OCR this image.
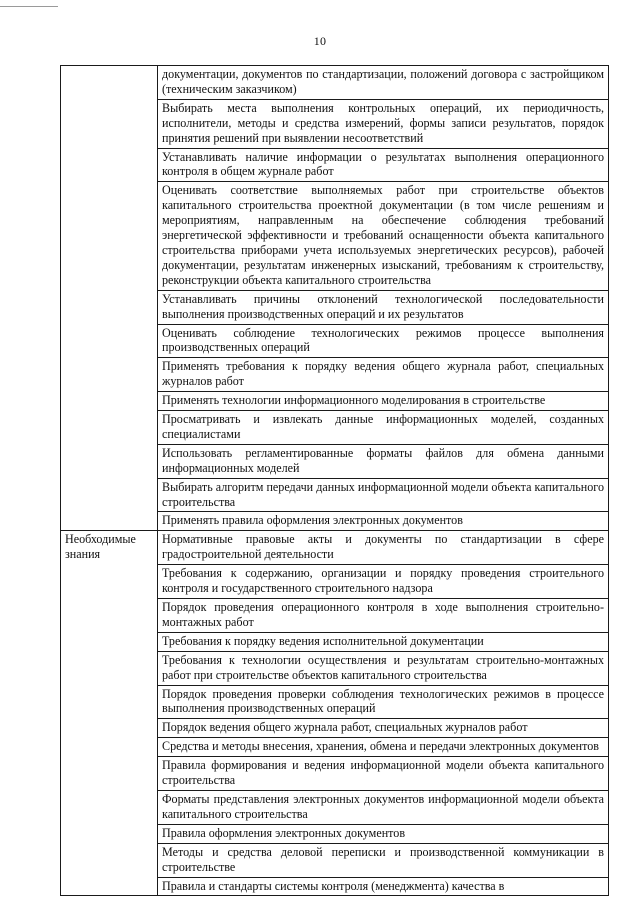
10
	документации, документов по стандартизации, положений договора с застройщиком (техническим заказчиком)
	Выбирать места выполнения контрольных операций, их периодичность, исполнители, методы и средства измерений, формы записи результатов, порядок принятия решений при выявлении несоответствий
	Устанавливать наличие информации о результатах выполнения операционного контроля в общем журнале работ
	Оценивать соответствие выполняемых работ при строительстве объектов капитального строительства проектной документации (в том числе решениям и мероприятиям, направленным на обеспечение соблюдения требований энергетической эффективности и требований оснащенности объекта капитального строительства приборами учета используемых энергетических ресурсов), рабочей документации, результатам инженерных изысканий, требованиям к строительству, реконструкции объекта капитального строительства
	Устанавливать причины отклонений технологической последовательности выполнения производственных операций и их результатов
	Оценивать соблюдение технологических режимов процессе выполнения производственных операций
	Применять требования к порядку ведения общего журнала работ, специальных журналов работ
	Применять технологии информационного моделирования в строительстве
	Просматривать и извлекать данные информационных моделей, созданных специалистами
	Использовать регламентированные форматы файлов для обмена данными информационных моделей
	Выбирать алгоритм передачи данных информационной модели объекта капитального строительства
	Применять правила оформления электронных документов
Необходимые знания	Нормативные правовые акты и документы по стандартизации в сфере градостроительной деятельности
	Требования к содержанию, организации и порядку проведения строительного контроля и государственного строительного надзора
	Порядок проведения операционного контроля в ходе выполнения строительно-монтажных работ
	Требования к порядку ведения исполнительной документации
	Требования к технологии осуществления и результатам строительно-монтажных работ при строительстве объектов капитального строительства
	Порядок проведения проверки соблюдения технологических режимов в процессе выполнения производственных операций
	Порядок ведения общего журнала работ, специальных журналов работ
	Средства и методы внесения, хранения, обмена и передачи электронных документов
	Правила формирования и ведения информационной модели объекта капитального строительства
	Форматы представления электронных документов информационной модели объекта капитального строительства
	Правила оформления электронных документов
	Методы и средства деловой переписки и производственной коммуникации в строительстве
	Правила и стандарты системы контроля (менеджмента) качества в
